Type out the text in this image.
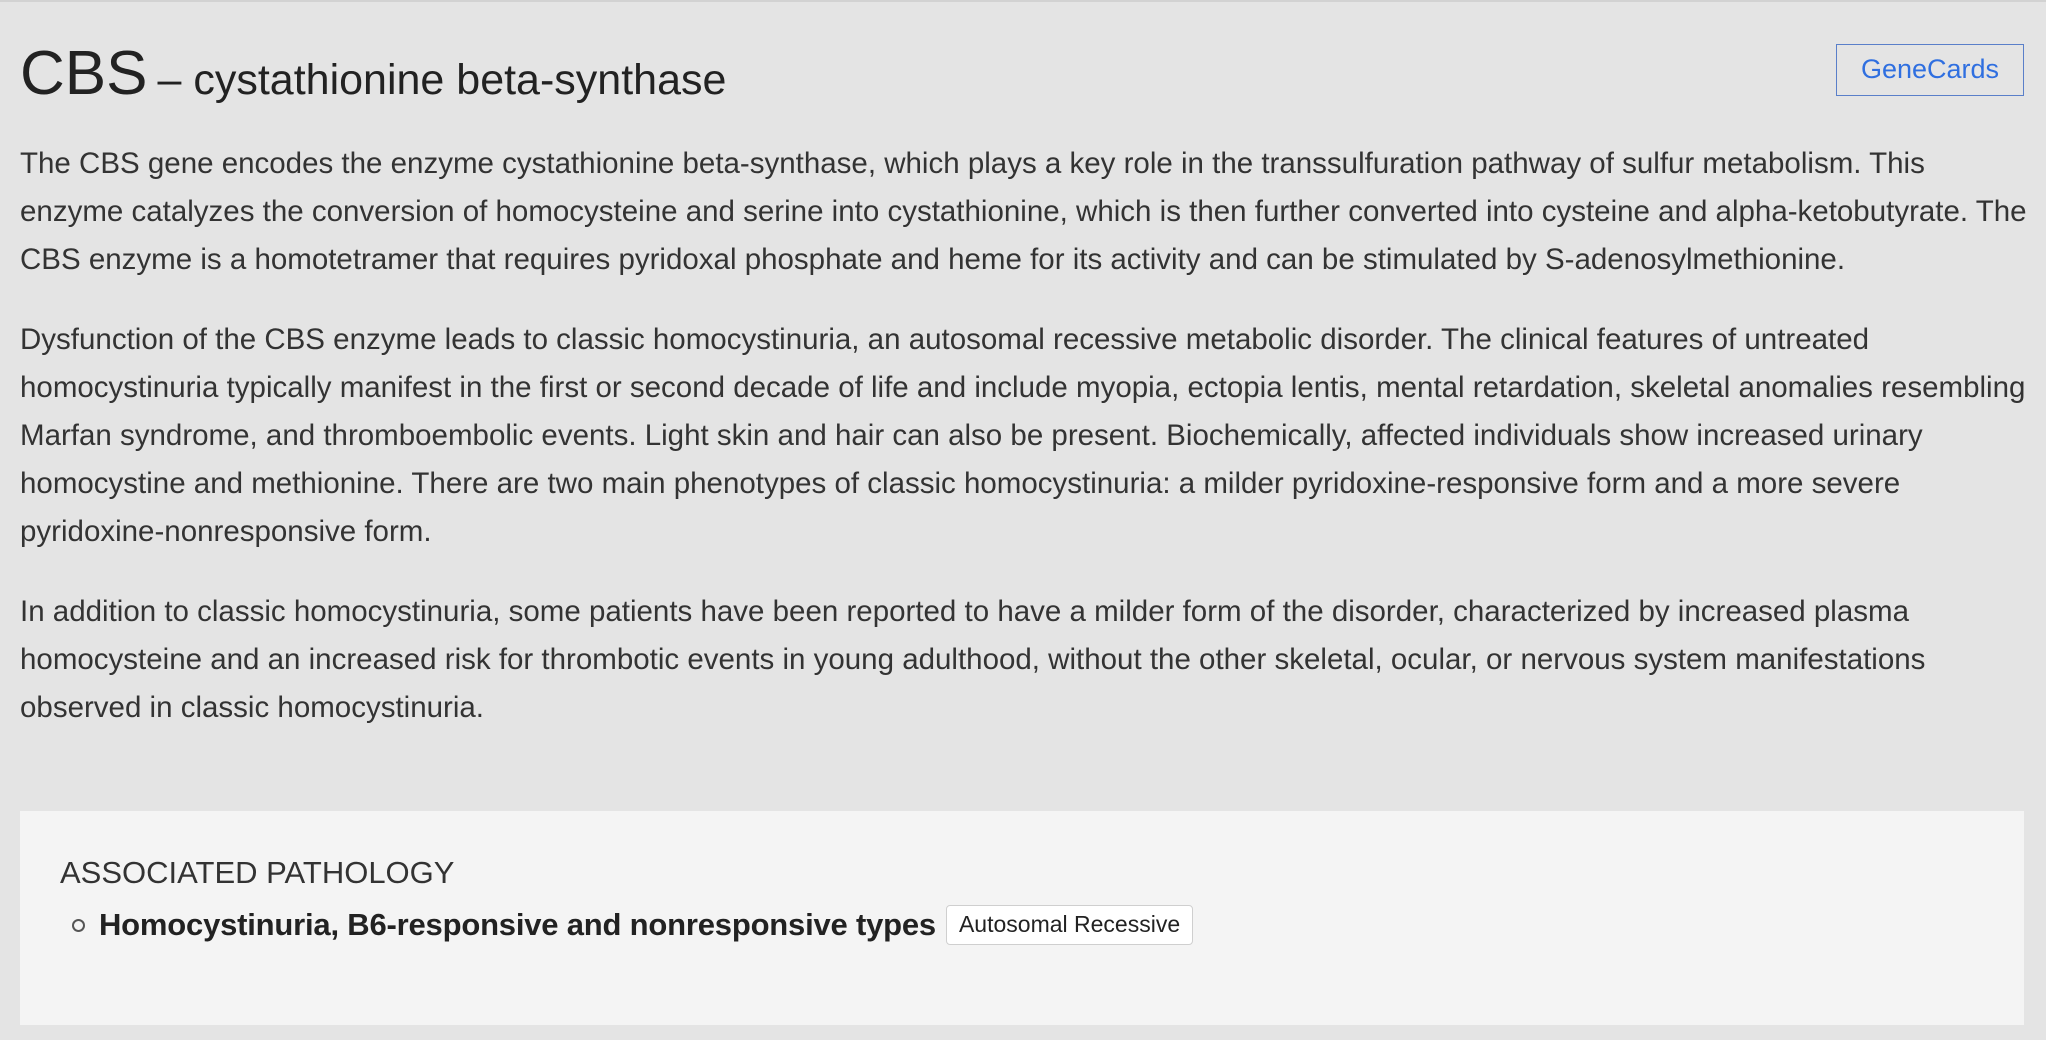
CBS – cystathionine beta-synthase	GeneCards

The CBS gene encodes the enzyme cystathionine beta-synthase, which plays a key role in the transsulfuration pathway of sulfur metabolism. This enzyme catalyzes the conversion of homocysteine and serine into cystathionine, which is then further converted into cysteine and alpha-ketobutyrate. The CBS enzyme is a homotetramer that requires pyridoxal phosphate and heme for its activity and can be stimulated by S-adenosylmethionine.

Dysfunction of the CBS enzyme leads to classic homocystinuria, an autosomal recessive metabolic disorder. The clinical features of untreated homocystinuria typically manifest in the first or second decade of life and include myopia, ectopia lentis, mental retardation, skeletal anomalies resembling Marfan syndrome, and thromboembolic events. Light skin and hair can also be present. Biochemically, affected individuals show increased urinary homocystine and methionine. There are two main phenotypes of classic homocystinuria: a milder pyridoxine-responsive form and a more severe pyridoxine-nonresponsive form.

In addition to classic homocystinuria, some patients have been reported to have a milder form of the disorder, characterized by increased plasma homocysteine and an increased risk for thrombotic events in young adulthood, without the other skeletal, ocular, or nervous system manifestations observed in classic homocystinuria.

ASSOCIATED PATHOLOGY
Homocystinuria, B6-responsive and nonresponsive types	Autosomal Recessive
